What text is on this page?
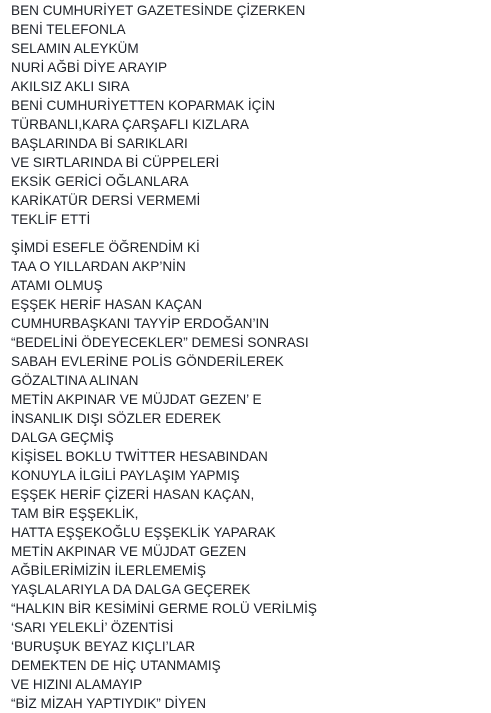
BEN CUMHURİYET GAZETESİNDE ÇİZERKEN
BENİ TELEFONLA
SELAMIN ALEYKÜM
NURİ AĞBİ DİYE ARAYIP
AKILSIZ AKLI SIRA
BENİ CUMHURİYETTEN KOPARMAK İÇİN
TÜRBANLI,KARA ÇARŞAFLI KIZLARA
BAŞLARINDA Bİ SARIKLARI
VE SIRTLARINDA Bİ CÜPPELERİ
EKSİK GERİCİ OĞLANLARA
KARİKATÜR DERSİ VERMEMİ
TEKLİF ETTİ
ŞİMDİ ESEFLE ÖĞRENDİM Kİ
TAA O YILLARDAN AKP’NİN
ATAMI OLMUŞ
EŞŞEK HERİF HASAN KAÇAN
CUMHURBAŞKANI TAYYİP ERDOĞAN’IN
“BEDELİNİ ÖDEYECEKLER” DEMESİ SONRASI
SABAH EVLERİNE POLİS GÖNDERİLEREK
GÖZALTINA ALINAN
METİN AKPINAR VE MÜJDAT GEZEN’ E
İNSANLIK DIŞI SÖZLER EDEREK
DALGA GEÇMİŞ
KİŞİSEL BOKLU TWİTTER HESABINDAN
KONUYLA İLGİLİ PAYLAŞIM YAPMIŞ
EŞŞEK HERİF ÇİZERİ HASAN KAÇAN,
TAM BİR EŞŞEKLİK,
HATTA EŞŞEKOĞLU EŞŞEKLİK YAPARAK
METİN AKPINAR VE MÜJDAT GEZEN
AĞBİLERİMİZİN İLERLEMEMİŞ
YAŞLALARIYLA DA DALGA GEÇEREK
“HALKIN BİR KESİMİNİ GERME ROLÜ VERİLMİŞ
‘SARI YELEKLİ’ ÖZENTİSİ
‘BURUŞUK BEYAZ KIÇLI’LAR
DEMEKTEN DE HİÇ UTANMAMIŞ
VE HIZINI ALAMAYIP
“BİZ MİZAH YAPTIYDIK” DİYEN
